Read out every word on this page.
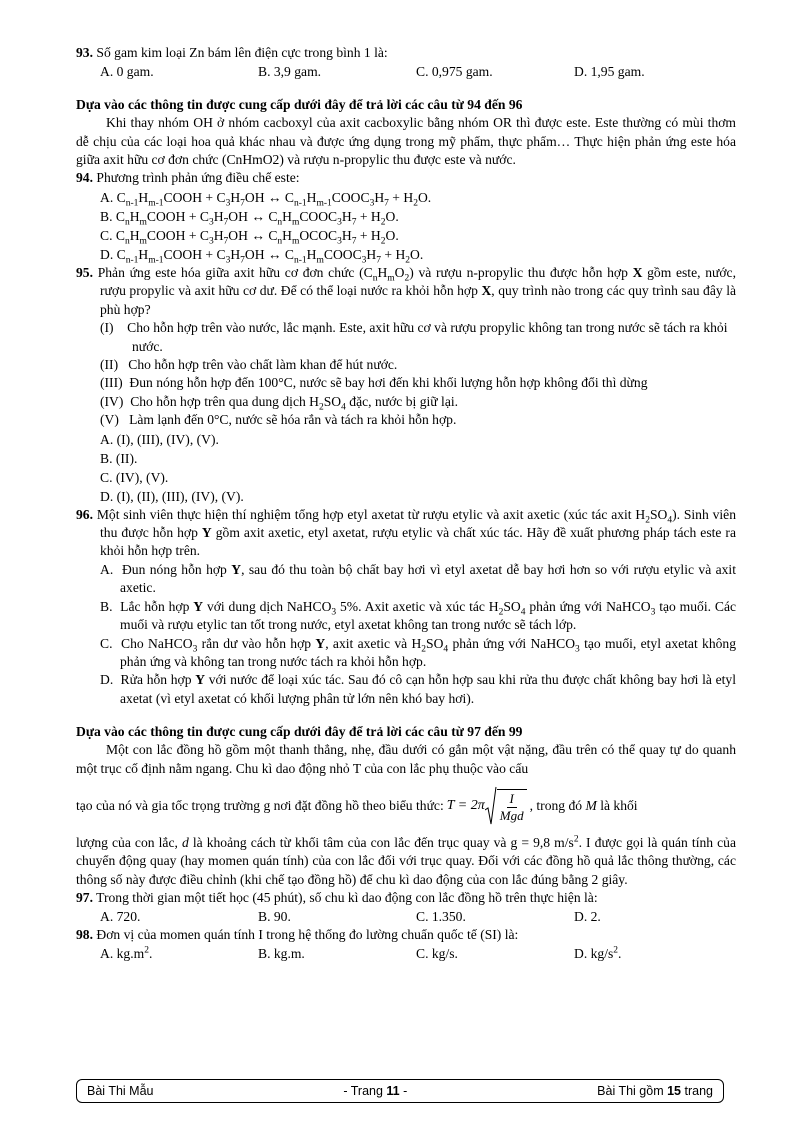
93. Số gam kim loại Zn bám lên điện cực trong bình 1 là:
A. 0 gam.	B. 3,9 gam.	C. 0,975 gam.	D. 1,95 gam.
Dựa vào các thông tin được cung cấp dưới đây để trả lời các câu từ 94 đến 96
Khi thay nhóm OH ở nhóm cacboxyl của axit cacboxylic bằng nhóm OR thì được este. Este thường có mùi thơm dễ chịu của các loại hoa quả khác nhau và được ứng dụng trong mỹ phẩm, thực phẩm… Thực hiện phản ứng este hóa giữa axit hữu cơ đơn chức (CnHmO2) và rượu n-propylic thu được este và nước.
94. Phương trình phản ứng điều chế este:
A. $C_{n-1}H_{m-1}COOH + C_3H_7OH$ ↔ $C_{n-1}H_{m-1}COOC_3H_7 + H_2O$.
B. $C_nH_mCOOH + C_3H_7OH$ ↔ $C_nH_mCOOC_3H_7 + H_2O$.
C. $C_nH_mCOOH + C_3H_7OH$ ↔ $C_nH_mOCOC_3H_7 + H_2O$.
D. $C_{n-1}H_{m-1}COOH + C_3H_7OH$ ↔ $C_{n-1}H_mCOOC_3H_7 + H_2O$.
95. Phản ứng este hóa giữa axit hữu cơ đơn chức $(C_nH_mO_2)$ và rượu n-propylic thu được hỗn hợp X gồm este, nước, rượu propylic và axit hữu cơ dư. Để có thể loại nước ra khỏi hỗn hợp X, quy trình nào trong các quy trình sau đây là phù hợp?
(I)    Cho hỗn hợp trên vào nước, lắc mạnh. Este, axit hữu cơ và rượu propylic không tan trong nước sẽ tách ra khỏi nước.
(II)   Cho hỗn hợp trên vào chất làm khan để hút nước.
(III)  Đun nóng hỗn hợp đến 100°C, nước sẽ bay hơi đến khi khối lượng hỗn hợp không đổi thì dừng
(IV)  Cho hỗn hợp trên qua dung dịch $H_2SO_4$ đặc, nước bị giữ lại.
(V)   Làm lạnh đến 0°C, nước sẽ hóa rắn và tách ra khỏi hỗn hợp.
A. (I), (III), (IV), (V).
B. (II).
C. (IV), (V).
D. (I), (II), (III), (IV), (V).
96. Một sinh viên thực hiện thí nghiệm tổng hợp etyl axetat từ rượu etylic và axit axetic (xúc tác axit $H_2SO_4$). Sinh viên thu được hỗn hợp Y gồm axit axetic, etyl axetat, rượu etylic và chất xúc tác. Hãy đề xuất phương pháp tách este ra khỏi hỗn hợp trên.
A.  Đun nóng hỗn hợp Y, sau đó thu toàn bộ chất bay hơi vì etyl axetat dễ bay hơi hơn so với rượu etylic và axit axetic.
B.  Lắc hỗn hợp Y với dung dịch NaHCO$_3$ 5%. Axit axetic và xúc tác $H_2SO_4$ phản ứng với NaHCO$_3$ tạo muối. Các muối và rượu etylic tan tốt trong nước, etyl axetat không tan trong nước sẽ tách lớp.
C.  Cho NaHCO$_3$ rắn dư vào hỗn hợp Y, axit axetic và $H_2SO_4$ phản ứng với NaHCO$_3$ tạo muối, etyl axetat không phản ứng và không tan trong nước tách ra khỏi hỗn hợp.
D.  Rửa hỗn hợp Y với nước để loại xúc tác. Sau đó cô cạn hỗn hợp sau khi rửa thu được chất không bay hơi là etyl axetat (vì etyl axetat có khối lượng phân tử lớn nên khó bay hơi).
Dựa vào các thông tin được cung cấp dưới đây để trả lời các câu từ 97 đến 99
Một con lắc đồng hồ gồm một thanh thẳng, nhẹ, đầu dưới có gắn một vật nặng, đầu trên có thể quay tự do quanh một trục cố định nằm ngang. Chu kì dao động nhỏ T của con lắc phụ thuộc vào cấu
tạo của nó và gia tốc trọng trường g nơi đặt đồng hồ theo biểu thức: $T = 2\pi \frac{I}{\text{Mgd}}$ , trong đó M là khối
lượng của con lắc, d là khoảng cách từ khối tâm của con lắc đến trục quay và g = 9,8 $m/s^2$. I được gọi là quán tính của chuyển động quay (hay momen quán tính) của con lắc đối với trục quay. Đối với các đồng hồ quả lắc thông thường, các thông số này được điều chỉnh (khi chế tạo đồng hồ) để chu kì dao động của con lắc đúng bằng 2 giây.
97. Trong thời gian một tiết học (45 phút), số chu kì dao động con lắc đồng hồ trên thực hiện là:
A. 720.	B. 90.	C. 1.350.	D. 2.
98. Đơn vị của momen quán tính I trong hệ thống đo lường chuẩn quốc tế (SI) là:
A. $kg.m^2$.	B. kg.m.	C. kg/s.	D. $kg/s^2$.
Bài Thi Mẫu	- Trang 11 -	Bài Thi gồm 15 trang
